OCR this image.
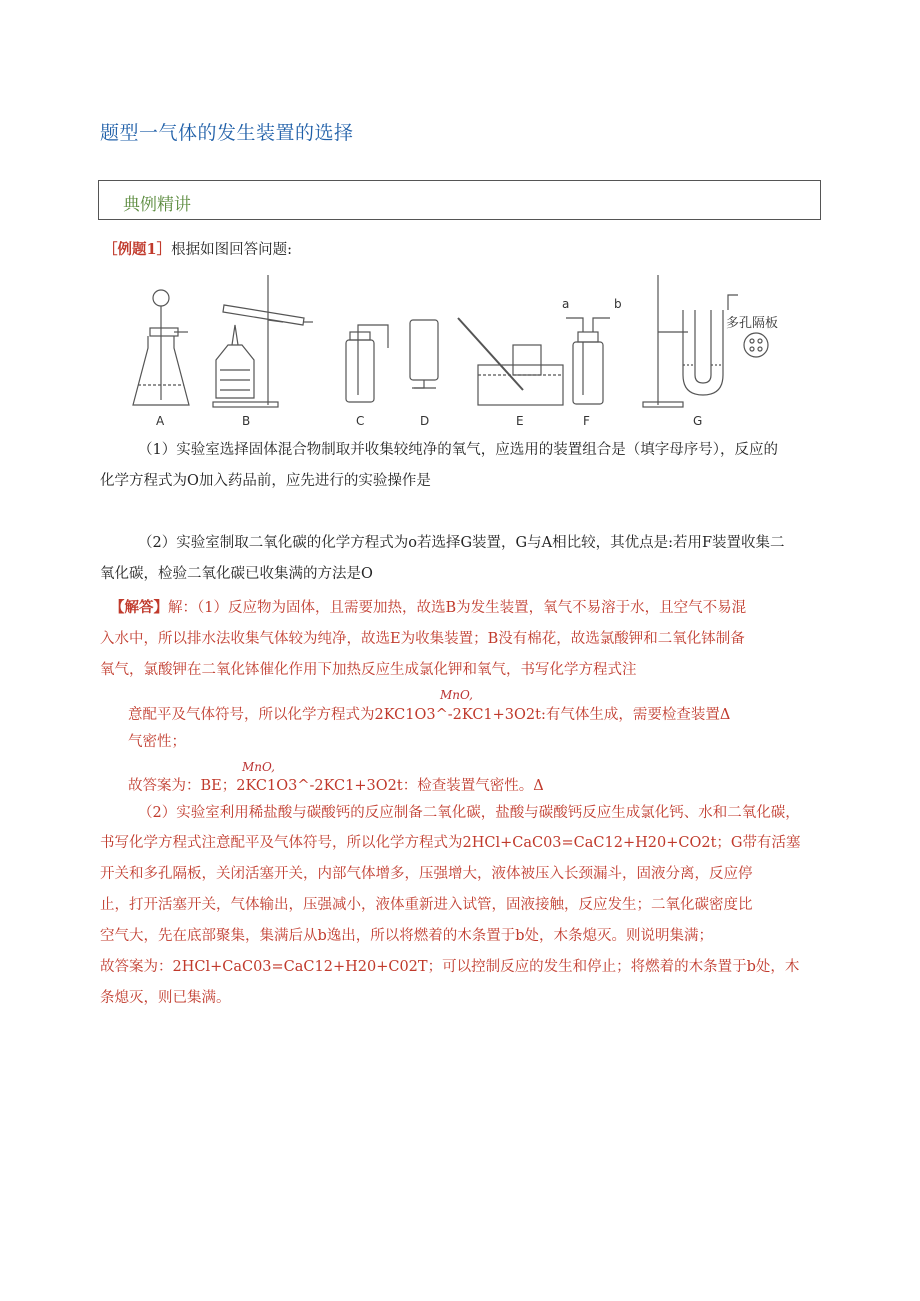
题型一气体的发生装置的选择
典例精讲
［例题1］根据如图回答问题:
A	B	C	D	E	F	G
a	b
多孔隔板
（1）实验室选择固体混合物制取并收集较纯净的氧气，应选用的装置组合是（填字母序号），反应的
化学方程式为O加入药品前，应先进行的实验操作是
（2）实验室制取二氧化碳的化学方程式为o若选择G装置，G与A相比较，其优点是:若用F装置收集二
氧化碳，检验二氧化碳已收集满的方法是O
【解答】解：（1）反应物为固体，且需要加热，故选B为发生装置，氧气不易溶于水，且空气不易混
入水中，所以排水法收集气体较为纯净，故选E为收集装置；B没有棉花，故选氯酸钾和二氧化钵制备
氧气，氯酸钾在二氧化钵催化作用下加热反应生成氯化钾和氧气，书写化学方程式注
MnO,
意配平及气体符号，所以化学方程式为2KC1O3^-2KC1+3O2t:有气体生成，需要检查装置Δ
气密性；
MnO,
故答案为：BE；2KC1O3^-2KC1+3O2t：检查装置气密性。Δ
（2）实验室利用稀盐酸与碳酸钙的反应制备二氧化碳，盐酸与碳酸钙反应生成氯化钙、水和二氧化碳，
书写化学方程式注意配平及气体符号，所以化学方程式为2HCl+CaC03=CaC12+H20+CO2t；G带有活塞
开关和多孔隔板，关闭活塞开关，内部气体增多，压强增大，液体被压入长颈漏斗，固液分离，反应停
止，打开活塞开关，气体输出，压强减小，液体重新进入试管，固液接触，反应发生；二氧化碳密度比
空气大，先在底部聚集，集满后从b逸出，所以将燃着的木条置于b处，木条熄灭。则说明集满；
故答案为：2HCl+CaC03=CaC12+H20+C02T；可以控制反应的发生和停止；将燃着的木条置于b处，木
条熄灭，则已集满。
